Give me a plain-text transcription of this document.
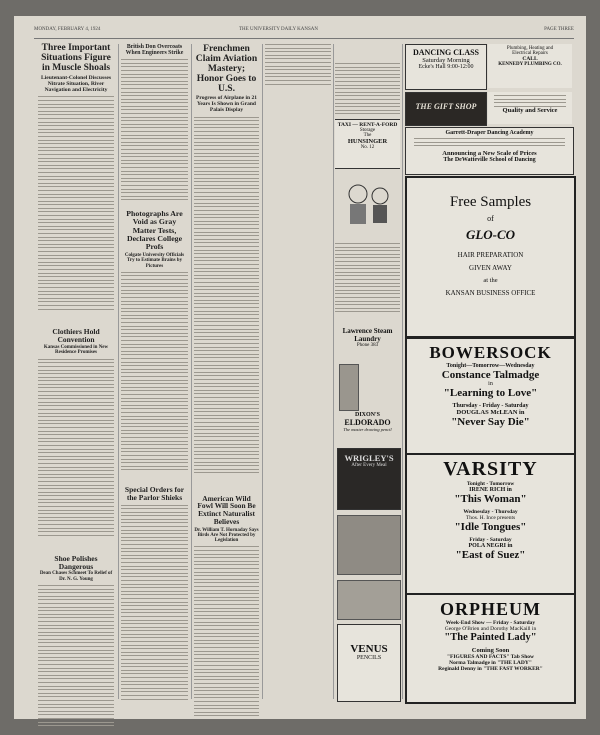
MONDAY, FEBRUARY 4, 1924	THE UNIVERSITY DAILY KANSAN	PAGE THREE
Three Important Situations Figure in Muscle Shoals
Lieutenant-Colonel Discusses Nitrate Situation, River Navigation and Electricity
Clothiers Hold Convention
Kansas Commissioned in New Residence Promises
Shoe Polishes Dangerous
Dean Chases Schmeet To Relief of Dr. N. G. Young
British Don Overcoats When Engineers Strike
Photographs Are Void as Gray Matter Tests, Declares College Profs
Colgate University Officials Try to Estimate Brains by Pictures
Special Orders for the Parlor Shieks
Frenchmen Claim Aviation Mastery; Honor Goes to U.S.
Progress of Airplane in 21 Years Is Shown in Grand Palais Display
American Wild Fowl Will Soon Be Extinct Naturalist Believes
Dr. William T. Hornaday Says Birds Are Not Protected by Legislation
TAXI — RENT-A-FORD
Storage
The
HUNSINGER
No. 12
Lawrence Steam
Laundry
Phone 383
DIXON'S
ELDORADO
The master drawing pencil
WRIGLEY'S
After Every Meal
VENUS
PENCILS
DANCING CLASS
Saturday Morning
Ecke's Hall 9:00-12:00
Plumbing, Heating and
Electrical Repairs
CALL
KENNEDY PLUMBING CO.
THE GIFT SHOP	Quality and Service
Garrett-Draper Dancing Academy
Announcing a New Scale of Prices
The DeWatteville School of Dancing
Free Samples
of
GLO-CO
HAIR PREPARATION
GIVEN AWAY
at the
KANSAN BUSINESS OFFICE
BOWERSOCK
Tonight—Tomorrow—Wednesday
Constance Talmadge
in
"Learning to Love"
Thursday - Friday - Saturday
DOUGLAS McLEAN in
"Never Say Die"
VARSITY
Tonight - Tomorrow
IRENE RICH in
"This Woman"
Wednesday - Thursday
Thos. H. Ince presents
"Idle Tongues"
Friday - Saturday
POLA NEGRI in
"East of Suez"
ORPHEUM
Week-End Show — Friday - Saturday
George O'Brien and Dorothy MacKaill in
"The Painted Lady"
Coming Soon
"FIGURES AND FACTS" Tab Show
Norma Talmadge in "THE LADY"
Reginald Denny in "THE FAST WORKER"
